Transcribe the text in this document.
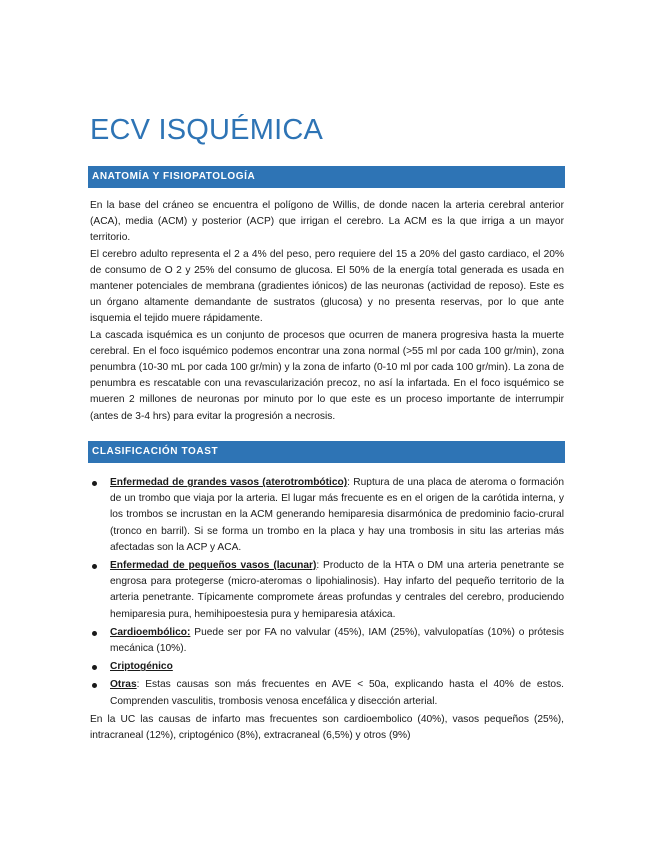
ECV ISQUÉMICA
ANATOMÍA Y FISIOPATOLOGÍA
En la base del cráneo se encuentra el polígono de Willis, de donde nacen la arteria cerebral anterior (ACA), media (ACM) y posterior (ACP) que irrigan el cerebro. La ACM es la que irriga a un mayor territorio.
El cerebro adulto representa el 2 a 4% del peso, pero requiere del 15 a 20% del gasto cardiaco, el 20% de consumo de O 2 y 25% del consumo de glucosa. El 50% de la energía total generada es usada en mantener potenciales de membrana (gradientes iónicos) de las neuronas (actividad de reposo). Este es un órgano altamente demandante de sustratos (glucosa) y no presenta reservas, por lo que ante isquemia el tejido muere rápidamente.
La cascada isquémica es un conjunto de procesos que ocurren de manera progresiva hasta la muerte cerebral. En el foco isquémico podemos encontrar una zona normal (>55 ml por cada 100 gr/min), zona penumbra (10-30 mL por cada 100 gr/min) y la zona de infarto (0-10 ml por cada 100 gr/min). La zona de penumbra es rescatable con una revascularización precoz, no así la infartada. En el foco isquémico se mueren 2 millones de neuronas por minuto por lo que este es un proceso importante de interrumpir (antes de 3-4 hrs) para evitar la progresión a necrosis.
CLASIFICACIÓN TOAST
Enfermedad de grandes vasos (aterotrombótico): Ruptura de una placa de ateroma o formación de un trombo que viaja por la arteria. El lugar más frecuente es en el origen de la carótida interna, y los trombos se incrustan en la ACM generando hemiparesia disarmónica de predominio facio-crural (tronco en barril). Si se forma un trombo en la placa y hay una trombosis in situ las arterias más afectadas son la ACP y ACA.
Enfermedad de pequeños vasos (lacunar): Producto de la HTA o DM una arteria penetrante se engrosa para protegerse (micro-ateromas o lipohialinosis). Hay infarto del pequeño territorio de la arteria penetrante. Típicamente compromete áreas profundas y centrales del cerebro, produciendo hemiparesia pura, hemihipoestesia pura y hemiparesia atáxica.
Cardioembólico: Puede ser por FA no valvular (45%), IAM (25%), valvulopatías (10%) o prótesis mecánica (10%).
Criptogénico
Otras: Estas causas son más frecuentes en AVE < 50a, explicando hasta el 40% de estos. Comprenden vasculitis, trombosis venosa encefálica y disección arterial.
En la UC las causas de infarto mas frecuentes son cardioembolico (40%), vasos pequeños (25%), intracraneal (12%), criptogénico (8%), extracraneal (6,5%) y otros (9%)
